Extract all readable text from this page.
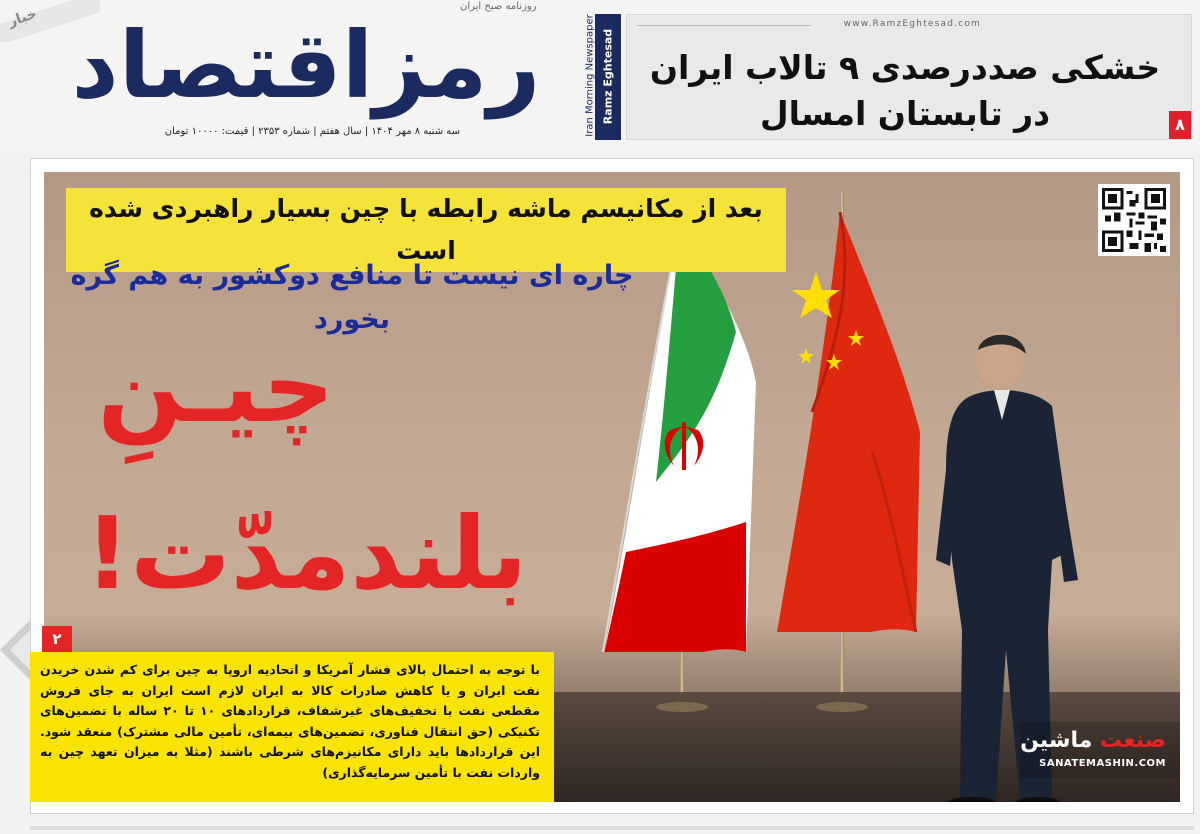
خبار	روزنامه صبح ایران
رمزاقتصاد	Iran Morning Newspaper Ramz Eghtesad
سه شنبه ۸ مهر ۱۴۰۴ | سال هفتم | شماره ۲۳۵۳ | قیمت: ۱۰۰۰۰ تومان
www.RamzEghtesad.com
خشکی صددرصدی ۹ تالاب ایران در تابستان امسال	۸
بعد از مکانیسم ماشه رابطه با چین بسیار راهبردی شده است
چاره ای نیست تا منافع دوکشور به هم گره بخورد
چیـنِ
بلندمدّت!
۲
با توجه به احتمال بالای فشار آمریکا و اتحادیه اروپا به چین برای کم شدن خریدن نفت ایران و یا کاهش صادرات کالا به ایران لازم است ایران به جای فروش مقطعی نفت با تخفیف‌های غیرشفاف، قراردادهای ۱۰ تا ۲۰ ساله با تضمین‌های تکنیکی (حق انتقال فناوری، تضمین‌های بیمه‌ای، تأمین مالی مشترک) منعقد شود. این قراردادها باید دارای مکانیزم‌های شرطی باشند (مثلا به میزان تعهد چین به واردات نفت با تأمین سرمایه‌گذاری)
صنعت ماشین
SANATEMASHIN.COM
